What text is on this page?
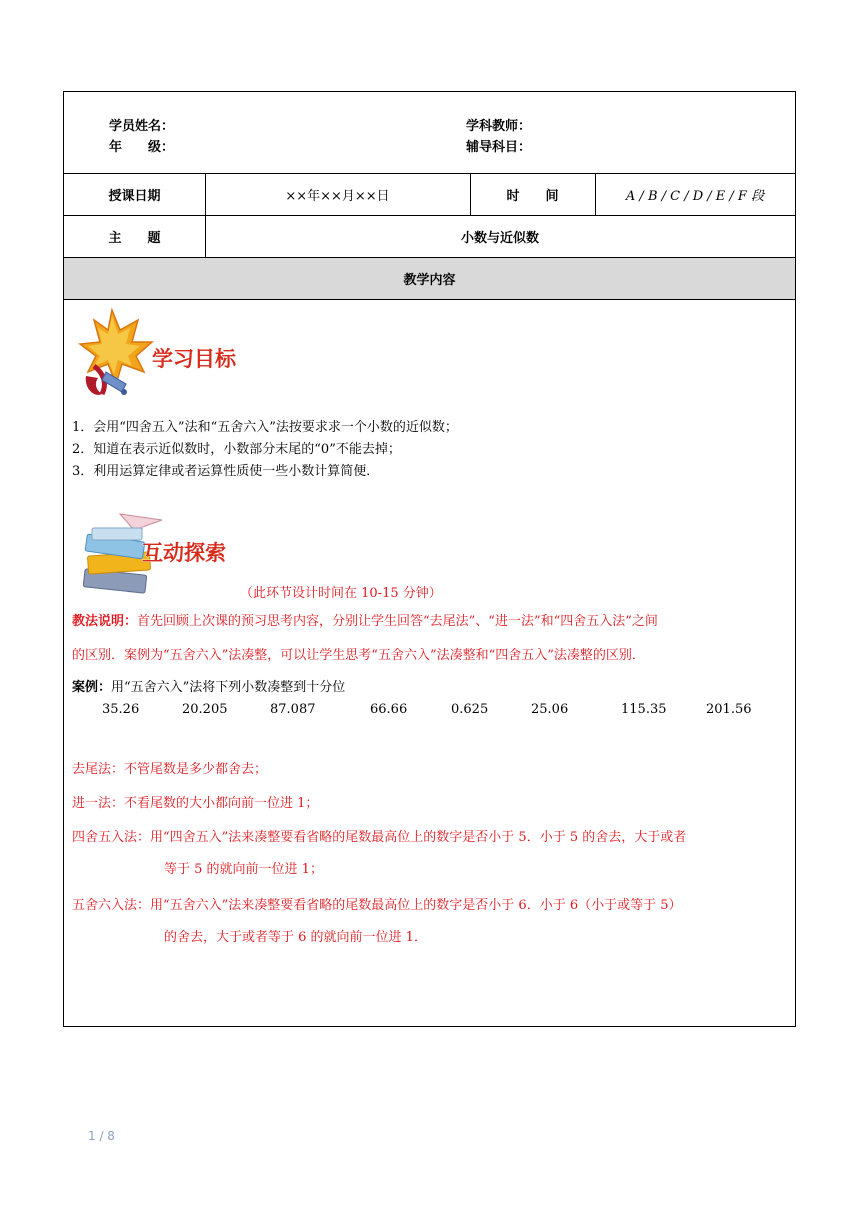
学员姓名：
年　　级：
学科教师：
辅导科目：
授课日期	××年××月××日	时　　间	A / B / C / D / E / F 段
主　　题	小数与近似数
教学内容
学习目标
1．会用“四舍五入”法和“五舍六入”法按要求求一个小数的近似数；
2．知道在表示近似数时，小数部分末尾的“0”不能去掉；
3．利用运算定律或者运算性质使一些小数计算简便．
互动探索
（此环节设计时间在 10-15 分钟）
教法说明：首先回顾上次课的预习思考内容，分别让学生回答“去尾法”、“进一法”和“四舍五入法”之间
的区别．案例为“五舍六入”法凑整，可以让学生思考“五舍六入”法凑整和“四舍五入”法凑整的区别．
案例：用“五舍六入”法将下列小数凑整到十分位
35.26	20.205	87.087	66.66	0.625	25.06	115.35	201.56
去尾法：不管尾数是多少都舍去；
进一法：不看尾数的大小都向前一位进 1；
四舍五入法：用“四舍五入”法来凑整要看省略的尾数最高位上的数字是否小于 5．小于 5 的舍去，大于或者
等于 5 的就向前一位进 1；
五舍六入法：用“五舍六入”法来凑整要看省略的尾数最高位上的数字是否小于 6．小于 6（小于或等于 5）
的舍去，大于或者等于 6 的就向前一位进 1．
1 / 8
